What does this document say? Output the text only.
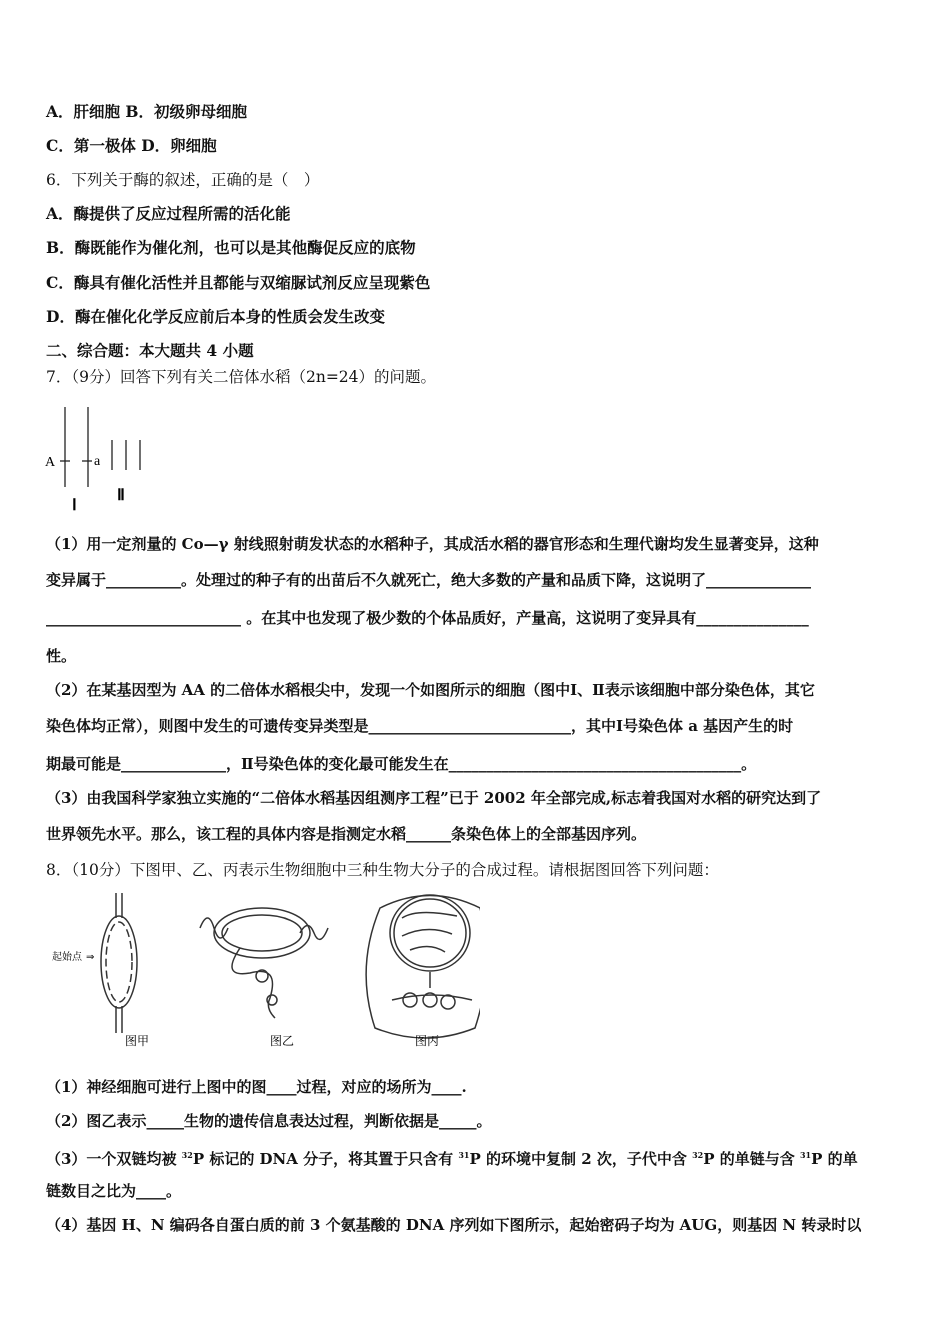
A．肝细胞 B．初级卵母细胞
C．第一极体 D．卵细胞
6．下列关于酶的叙述，正确的是（　）
A．酶提供了反应过程所需的活化能
B．酶既能作为催化剂，也可以是其他酶促反应的底物
C．酶具有催化活性并且都能与双缩脲试剂反应呈现紫色
D．酶在催化化学反应前后本身的性质会发生改变
二、综合题：本大题共 4 小题
7．（9分）回答下列有关二倍体水稻（2n=24）的问题。
A	a
Ⅰ
Ⅱ
（1）用一定剂量的 Co—γ 射线照射萌发状态的水稻种子，其成活水稻的器官形态和生理代谢均发生显著变异，这种
变异属于__________。处理过的种子有的出苗后不久就死亡，绝大多数的产量和品质下降，这说明了______________
__________________________ 。在其中也发现了极少数的个体品质好，产量高，这说明了变异具有_______________
性。
（2）在某基因型为 AA 的二倍体水稻根尖中，发现一个如图所示的细胞（图中Ⅰ、Ⅱ表示该细胞中部分染色体，其它
染色体均正常），则图中发生的可遗传变异类型是___________________________，其中Ⅰ号染色体 a 基因产生的时
期最可能是______________，Ⅱ号染色体的变化最可能发生在_______________________________________。
（3）由我国科学家独立实施的“二倍体水稻基因组测序工程”已于 2002 年全部完成,标志着我国对水稻的研究达到了
世界领先水平。那么，该工程的具体内容是指测定水稻______条染色体上的全部基因序列。
8．（10分）下图甲、乙、丙表示生物细胞中三种生物大分子的合成过程。请根据图回答下列问题：
起始点 ⇒
图甲	图乙	图丙
（1）神经细胞可进行上图中的图____过程，对应的场所为____.
（2）图乙表示_____生物的遗传信息表达过程，判断依据是_____。
（3）一个双链均被 $^{32}$P 标记的 DNA 分子，将其置于只含有 $^{31}$P 的环境中复制 2 次，子代中含 $^{32}$P 的单链与含 $^{31}$P 的单
链数目之比为____。
（4）基因 H、N 编码各自蛋白质的前 3 个氨基酸的 DNA 序列如下图所示，起始密码子均为 AUG，则基因 N 转录时以
